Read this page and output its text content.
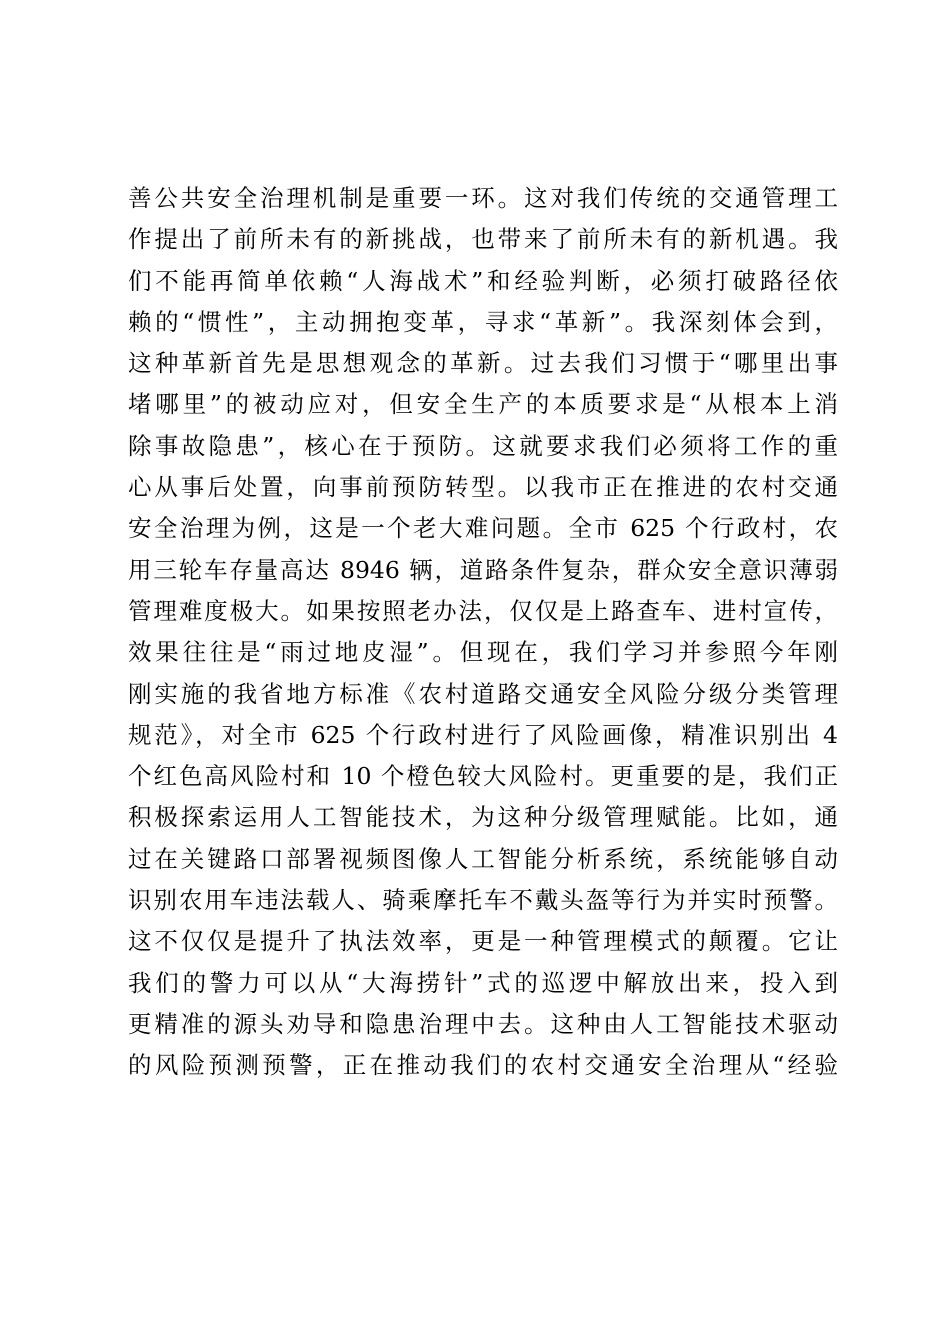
善公共安全治理机制是重要一环。这对我们传统的交通管理工
作提出了前所未有的新挑战，也带来了前所未有的新机遇。我
们不能再简单依赖“人海战术”和经验判断，必须打破路径依
赖的“惯性”，主动拥抱变革，寻求“革新”。我深刻体会到，
这种革新首先是思想观念的革新。过去我们习惯于“哪里出事
堵哪里”的被动应对，但安全生产的本质要求是“从根本上消
除事故隐患”，核心在于预防。这就要求我们必须将工作的重
心从事后处置，向事前预防转型。以我市正在推进的农村交通
安全治理为例，这是一个老大难问题。全市 625 个行政村，农
用三轮车存量高达 8946 辆，道路条件复杂，群众安全意识薄弱
管理难度极大。如果按照老办法，仅仅是上路查车、进村宣传，
效果往往是“雨过地皮湿”。但现在，我们学习并参照今年刚
刚实施的我省地方标准《农村道路交通安全风险分级分类管理
规范》，对全市 625 个行政村进行了风险画像，精准识别出 4
个红色高风险村和 10 个橙色较大风险村。更重要的是，我们正
积极探索运用人工智能技术，为这种分级管理赋能。比如，通
过在关键路口部署视频图像人工智能分析系统，系统能够自动
识别农用车违法载人、骑乘摩托车不戴头盔等行为并实时预警。
这不仅仅是提升了执法效率，更是一种管理模式的颠覆。它让
我们的警力可以从“大海捞针”式的巡逻中解放出来，投入到
更精准的源头劝导和隐患治理中去。这种由人工智能技术驱动
的风险预测预警，正在推动我们的农村交通安全治理从“经验
